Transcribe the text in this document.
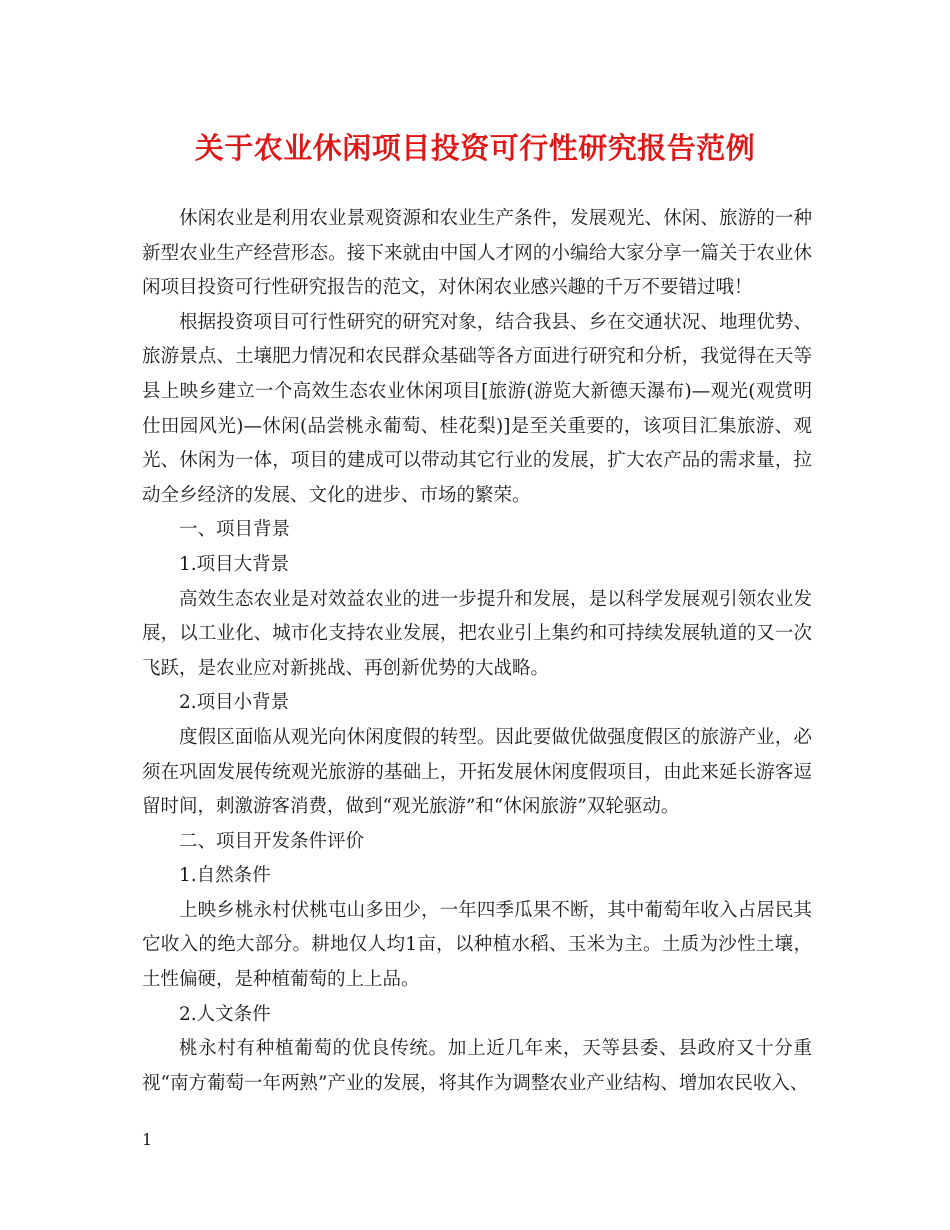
关于农业休闲项目投资可行性研究报告范例

休闲农业是利用农业景观资源和农业生产条件，发展观光、休闲、旅游的一种新型农业生产经营形态。接下来就由中国人才网的小编给大家分享一篇关于农业休闲项目投资可行性研究报告的范文，对休闲农业感兴趣的千万不要错过哦！

根据投资项目可行性研究的研究对象，结合我县、乡在交通状况、地理优势、旅游景点、土壤肥力情况和农民群众基础等各方面进行研究和分析，我觉得在天等县上映乡建立一个高效生态农业休闲项目[旅游(游览大新德天瀑布)—观光(观赏明仕田园风光)—休闲(品尝桃永葡萄、桂花梨)]是至关重要的，该项目汇集旅游、观光、休闲为一体，项目的建成可以带动其它行业的发展，扩大农产品的需求量，拉动全乡经济的发展、文化的进步、市场的繁荣。

一、项目背景

1.项目大背景

高效生态农业是对效益农业的进一步提升和发展，是以科学发展观引领农业发展，以工业化、城市化支持农业发展，把农业引上集约和可持续发展轨道的又一次飞跃，是农业应对新挑战、再创新优势的大战略。

2.项目小背景

度假区面临从观光向休闲度假的转型。因此要做优做强度假区的旅游产业，必须在巩固发展传统观光旅游的基础上，开拓发展休闲度假项目，由此来延长游客逗留时间，刺激游客消费，做到“观光旅游”和“休闲旅游”双轮驱动。

二、项目开发条件评价

1.自然条件

上映乡桃永村伏桃屯山多田少，一年四季瓜果不断，其中葡萄年收入占居民其它收入的绝大部分。耕地仅人均1亩，以种植水稻、玉米为主。土质为沙性土壤，土性偏硬，是种植葡萄的上上品。

2.人文条件

桃永村有种植葡萄的优良传统。加上近几年来，天等县委、县政府又十分重视“南方葡萄一年两熟”产业的发展，将其作为调整农业产业结构、增加农民收入、

1
